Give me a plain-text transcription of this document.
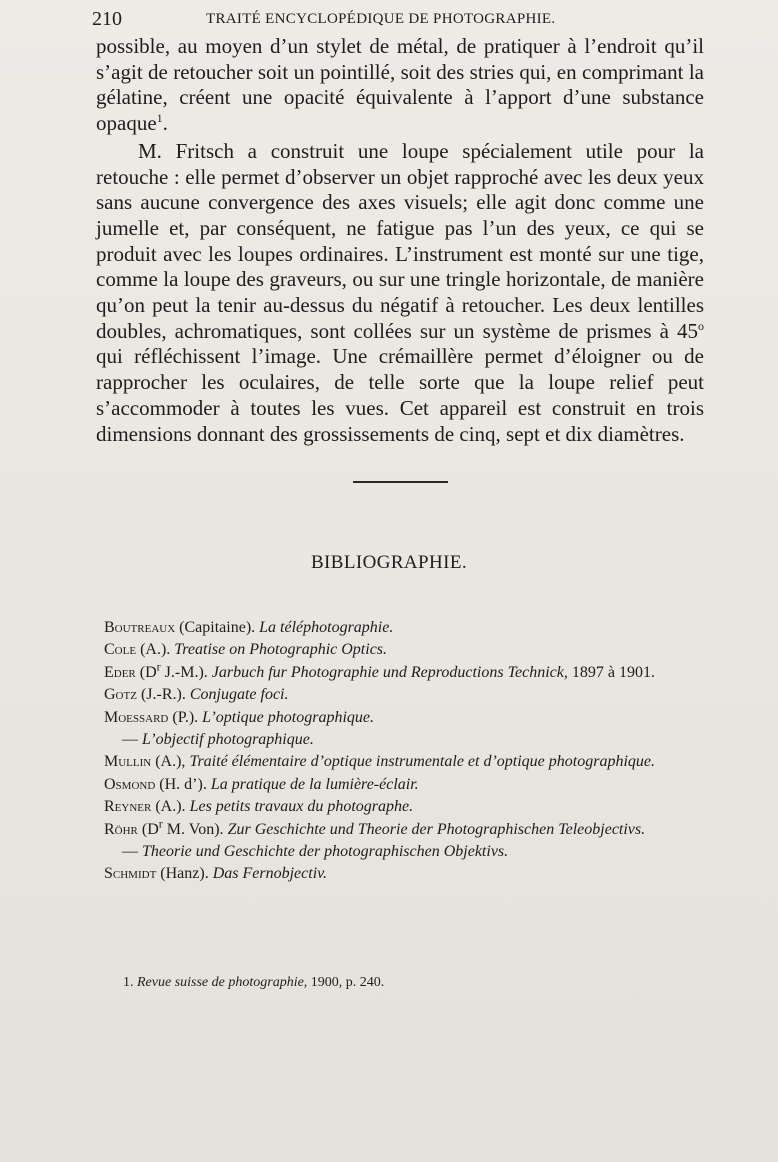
210	TRAITÉ ENCYCLOPÉDIQUE DE PHOTOGRAPHIE.

possible, au moyen d’un stylet de métal, de pratiquer à l’endroit qu’il s’agit de retoucher soit un pointillé, soit des stries qui, en comprimant la gélatine, créent une opacité équivalente à l’apport d’une substance opaque$^1$.

M. Fritsch a construit une loupe spécialement utile pour la retouche : elle permet d’observer un objet rapproché avec les deux yeux sans aucune convergence des axes visuels; elle agit donc comme une jumelle et, par conséquent, ne fatigue pas l’un des yeux, ce qui se produit avec les loupes ordinaires. L’instrument est monté sur une tige, comme la loupe des graveurs, ou sur une tringle horizontale, de manière qu’on peut la tenir au-dessus du négatif à retoucher. Les deux lentilles doubles, achromatiques, sont collées sur un système de prismes à 45$^o$ qui réfléchissent l’image. Une crémaillère permet d’éloigner ou de rapprocher les oculaires, de telle sorte que la loupe relief peut s’accommoder à toutes les vues. Cet appareil est construit en trois dimensions donnant des grossissements de cinq, sept et dix diamètres.

BIBLIOGRAPHIE.

Boutreaux (Capitaine). La téléphotographie.

Cole (A.). Treatise on Photographic Optics.

Eder ($D^r$ J.-M.). Jarbuch fur Photographie und Reproductions Technick, 1897 à 1901.

Gotz (J.-R.). Conjugate foci.

Moessard (P.). L’optique photographique.

— L’objectif photographique.

Mullin (A.), Traité élémentaire d’optique instrumentale et d’optique photographique.

Osmond (H. d’). La pratique de la lumière-éclair.

Reyner (A.). Les petits travaux du photographe.

Röhr ($D^r$ M. Von). Zur Geschichte und Theorie der Photographischen Teleobjectivs.

— Theorie und Geschichte der photographischen Objektivs.

Schmidt (Hanz). Das Fernobjectiv.

1. Revue suisse de photographie, 1900, p. 240.
